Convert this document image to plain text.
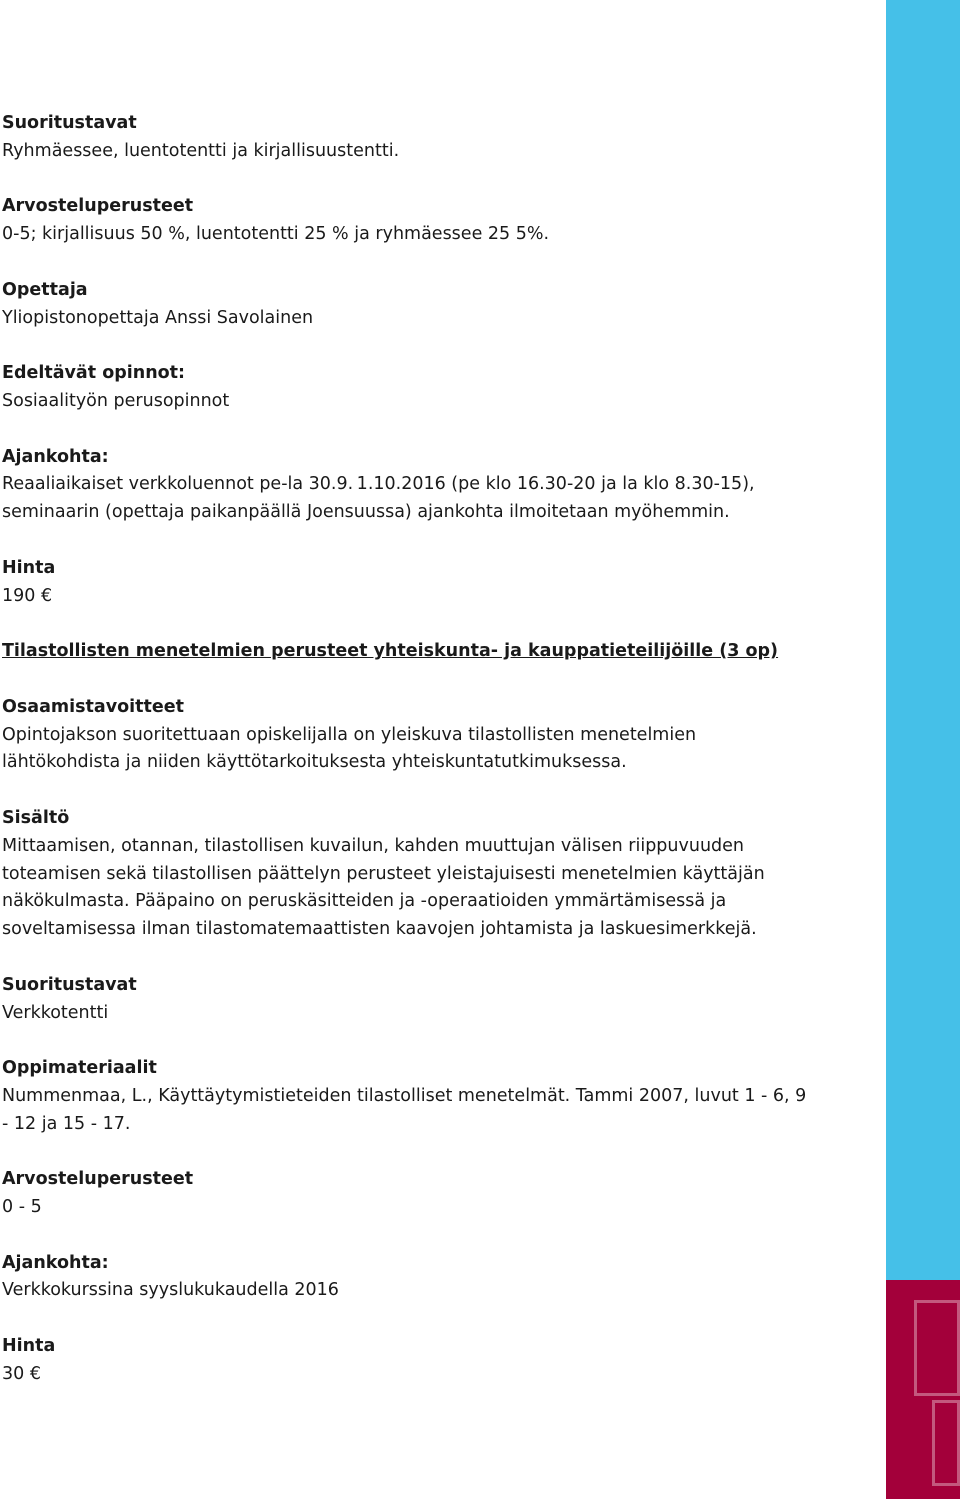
Suoritustavat
Ryhmäessee, luentotentti ja kirjallisuustentti.
Arvosteluperusteet
0-5; kirjallisuus 50 %, luentotentti 25 % ja ryhmäessee 25 5%.
Opettaja
Yliopistonopettaja Anssi Savolainen
Edeltävät opinnot:
Sosiaalityön perusopinnot
Ajankohta:
Reaaliaikaiset verkkoluennot pe-la 30.9. 1.10.2016 (pe klo 16.30‑20 ja la klo 8.30‑15),
seminaarin (opettaja paikanpäällä Joensuussa) ajankohta ilmoitetaan myöhemmin.
Hinta
190 €
Tilastollisten menetelmien perusteet yhteiskunta- ja kauppatieteilijöille (3 op)
Osaamistavoitteet
Opintojakson suoritettuaan opiskelijalla on yleiskuva tilastollisten menetelmien
lähtökohdista ja niiden käyttötarkoituksesta yhteiskuntatutkimuksessa.
Sisältö
Mittaamisen, otannan, tilastollisen kuvailun, kahden muuttujan välisen riippuvuuden
toteamisen sekä tilastollisen päättelyn perusteet yleistajuisesti menetelmien käyttäjän
näkökulmasta. Pääpaino on peruskäsitteiden ja -operaatioiden ymmärtämisessä ja
soveltamisessa ilman tilastomatemaattisten kaavojen johtamista ja laskuesimerkkejä.
Suoritustavat
Verkkotentti
Oppimateriaalit
Nummenmaa, L., Käyttäytymistieteiden tilastolliset menetelmät. Tammi 2007, luvut 1 - 6, 9
- 12 ja 15 - 17.
Arvosteluperusteet
0 - 5
Ajankohta:
Verkkokurssina syyslukukaudella 2016
Hinta
30 €
